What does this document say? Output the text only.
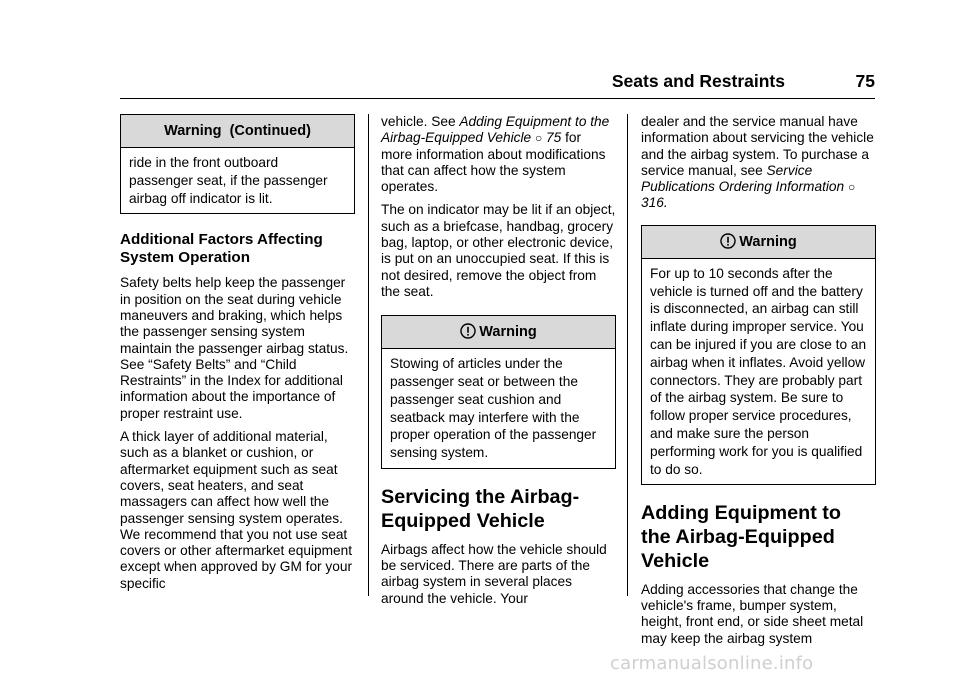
Seats and Restraints	75
Warning  (Continued)
ride in the front outboard
passenger seat, if the passenger
airbag off indicator is lit.
Additional Factors Affecting System Operation

Safety belts help keep the passenger in position on the seat during vehicle maneuvers and braking, which helps the passenger sensing system maintain the passenger airbag status. See “Safety Belts” and “Child Restraints” in the Index for additional information about the importance of proper restraint use.

A thick layer of additional material, such as a blanket or cushion, or aftermarket equipment such as seat covers, seat heaters, and seat massagers can affect how well the passenger sensing system operates. We recommend that you not use seat covers or other aftermarket equipment except when approved by GM for your specific

vehicle. See Adding Equipment to the Airbag-Equipped Vehicle ○ 75 for more information about modifications that can affect how the system operates.

The on indicator may be lit if an object, such as a briefcase, handbag, grocery bag, laptop, or other electronic device, is put on an unoccupied seat. If this is not desired, remove the object from the seat.

Warning
Stowing of articles under the passenger seat or between the passenger seat cushion and seatback may interfere with the proper operation of the passenger sensing system.
Servicing the Airbag-Equipped Vehicle

Airbags affect how the vehicle should be serviced. There are parts of the airbag system in several places around the vehicle. Your

dealer and the service manual have information about servicing the vehicle and the airbag system. To purchase a service manual, see Service Publications Ordering Information ○ 316.

Warning
For up to 10 seconds after the vehicle is turned off and the battery is disconnected, an airbag can still inflate during improper service. You can be injured if you are close to an airbag when it inflates. Avoid yellow connectors. They are probably part of the airbag system. Be sure to follow proper service procedures, and make sure the person performing work for you is qualified to do so.
Adding Equipment to the Airbag-Equipped Vehicle

Adding accessories that change the vehicle's frame, bumper system, height, front end, or side sheet metal may keep the airbag system

carmanualsonline.info
